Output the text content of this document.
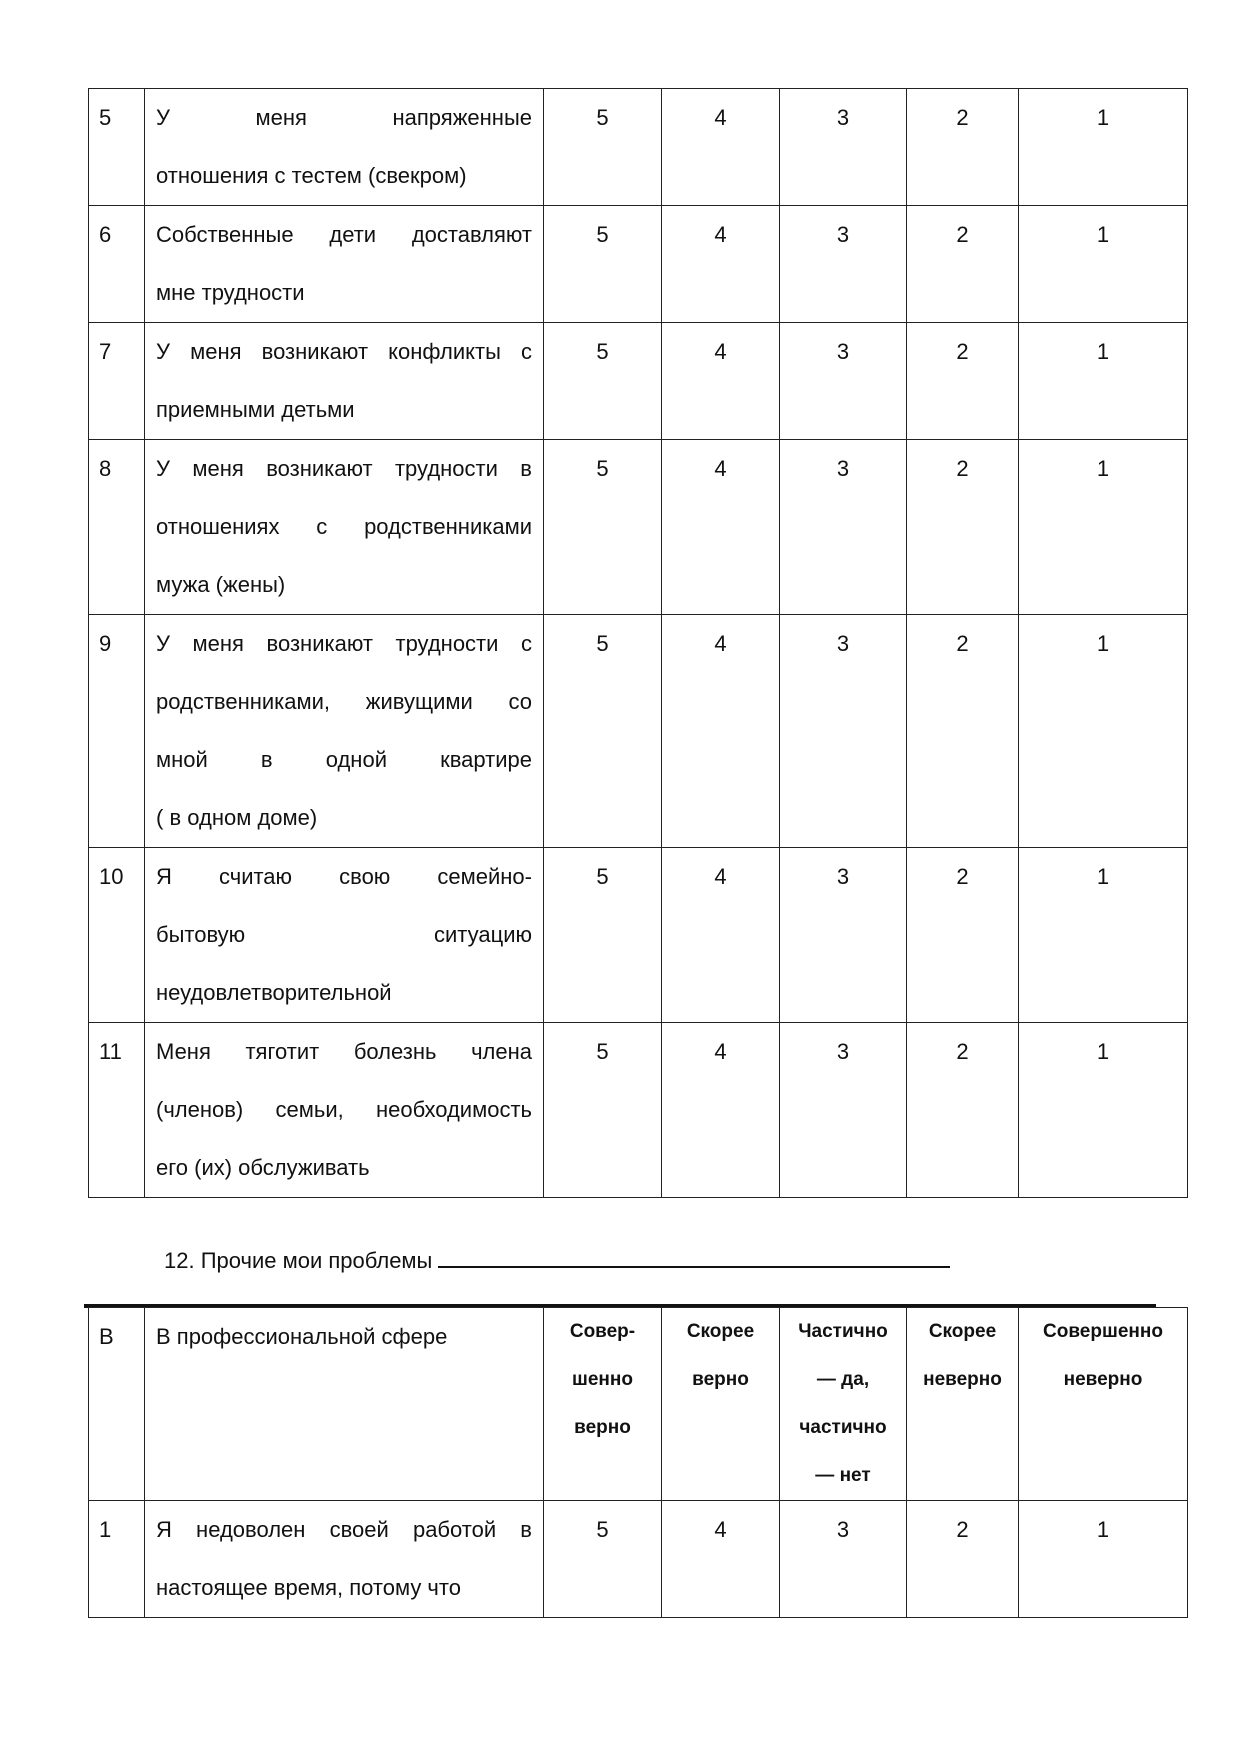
5	У меня напряженные
отношения с тестем (свекром)	5	4	3	2	1
6	Собственные дети доставляют
мне трудности	5	4	3	2	1
7	У меня возникают конфликты с
приемными детьми	5	4	3	2	1
8	У меня возникают трудности в
отношениях с родственниками
мужа (жены)	5	4	3	2	1
9	У меня возникают трудности с
родственниками, живущими со
мной в одной квартире
( в одном доме)	5	4	3	2	1
10	Я считаю свою семейно-
бытовую ситуацию
неудовлетворительной	5	4	3	2	1
11	Меня тяготит болезнь члена
(членов) семьи, необходимость
его (их) обслуживать	5	4	3	2	1
12. Прочие мои проблемы
В	В профессиональной сфере	Совер-
шенно
верно	Скорее
верно	Частично
— да,
частично
— нет	Скорее
неверно	Совершенно
неверно

1	Я недоволен своей работой в
настоящее время, потому что	5	4	3	2	1
